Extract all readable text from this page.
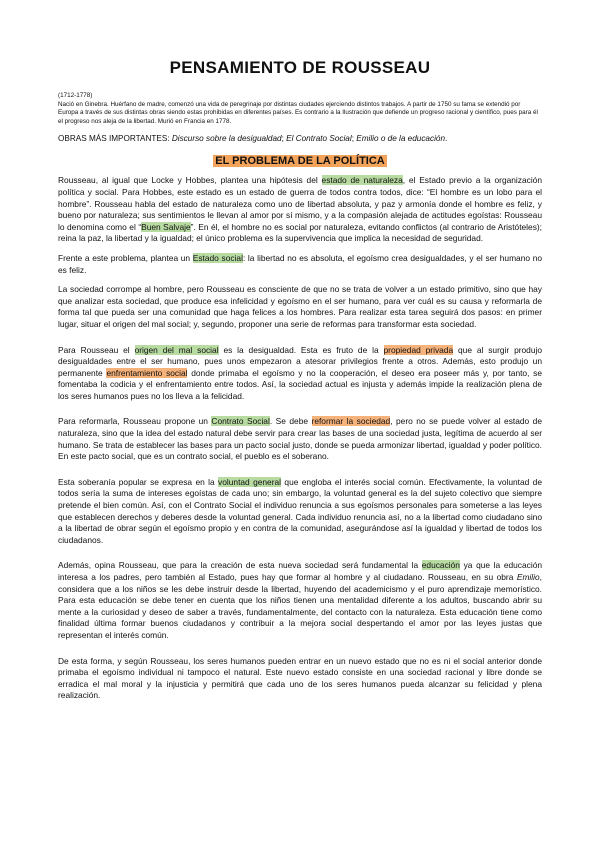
PENSAMIENTO DE ROUSSEAU

(1712-1778)

Nació en Ginebra. Huérfano de madre, comenzó una vida de peregrinaje por distintas ciudades ejerciendo distintos trabajos. A partir de 1750 su fama se extendió por Europa a través de sus distintas obras siendo estas prohibidas en diferentes países. Es contrario a la Ilustración que defiende un progreso racional y científico, pues para él el progreso nos aleja de la libertad. Murió en Francia en 1778.

OBRAS MÁS IMPORTANTES: Discurso sobre la desigualdad; El Contrato Social; Emilio o de la educación.

EL PROBLEMA DE LA POLÍTICA

Rousseau, al igual que Locke y Hobbes, plantea una hipótesis del estado de naturaleza, el Estado previo a la organización política y social. Para Hobbes, este estado es un estado de guerra de todos contra todos, dice: “El hombre es un lobo para el hombre”. Rousseau habla del estado de naturaleza como uno de libertad absoluta, y paz y armonía donde el hombre es feliz, y bueno por naturaleza; sus sentimientos le llevan al amor por sí mismo, y a la compasión alejada de actitudes egoístas: Rousseau lo denomina como el “Buen Salvaje”. En él, el hombre no es social por naturaleza, evitando conflictos (al contrario de Aristóteles); reina la paz, la libertad y la igualdad; el único problema es la supervivencia que implica la necesidad de seguridad.

Frente a este problema, plantea un Estado social: la libertad no es absoluta, el egoísmo crea desigualdades, y el ser humano no es feliz.

La sociedad corrompe al hombre, pero Rousseau es consciente de que no se trata de volver a un estado primitivo, sino que hay que analizar esta sociedad, que produce esa infelicidad y egoísmo en el ser humano, para ver cuál es su causa y reformarla de forma tal que pueda ser una comunidad que haga felices a los hombres. Para realizar esta tarea seguirá dos pasos: en primer lugar, situar el origen del mal social; y, segundo, proponer una serie de reformas para transformar esta sociedad.

Para Rousseau el origen del mal social es la desigualdad. Esta es fruto de la propiedad privada que al surgir produjo desigualdades entre el ser humano, pues unos empezaron a atesorar privilegios frente a otros. Además, esto produjo un permanente enfrentamiento social donde primaba el egoísmo y no la cooperación, el deseo era poseer más y, por tanto, se fomentaba la codicia y el enfrentamiento entre todos. Así, la sociedad actual es injusta y además impide la realización plena de los seres humanos pues no los lleva a la felicidad.

Para reformarla, Rousseau propone un Contrato Social. Se debe reformar la sociedad, pero no se puede volver al estado de naturaleza, sino que la idea del estado natural debe servir para crear las bases de una sociedad justa, legítima de acuerdo al ser humano. Se trata de establecer las bases para un pacto social justo, donde se pueda armonizar libertad, igualdad y poder político. En este pacto social, que es un contrato social, el pueblo es el soberano.

Esta soberanía popular se expresa en la voluntad general que engloba el interés social común. Efectivamente, la voluntad de todos sería la suma de intereses egoístas de cada uno; sin embargo, la voluntad general es la del sujeto colectivo que siempre pretende el bien común. Así, con el Contrato Social el individuo renuncia a sus egoísmos personales para someterse a las leyes que establecen derechos y deberes desde la voluntad general. Cada individuo renuncia así, no a la libertad como ciudadano sino a la libertad de obrar según el egoísmo propio y en contra de la comunidad, asegurándose así la igualdad y libertad de todos los ciudadanos.

Además, opina Rousseau, que para la creación de esta nueva sociedad será fundamental la educación ya que la educación interesa a los padres, pero también al Estado, pues hay que formar al hombre y al ciudadano. Rousseau, en su obra Emilio, considera que a los niños se les debe instruir desde la libertad, huyendo del academicismo y el puro aprendizaje memorístico. Para esta educación se debe tener en cuenta que los niños tienen una mentalidad diferente a los adultos, buscando abrir su mente a la curiosidad y deseo de saber a través, fundamentalmente, del contacto con la naturaleza. Esta educación tiene como finalidad última formar buenos ciudadanos y contribuir a la mejora social despertando el amor por las leyes justas que representan el interés común.

De esta forma, y según Rousseau, los seres humanos pueden entrar en un nuevo estado que no es ni el social anterior donde primaba el egoísmo individual ni tampoco el natural. Este nuevo estado consiste en una sociedad racional y libre donde se erradica el mal moral y la injusticia y permitirá que cada uno de los seres humanos pueda alcanzar su felicidad y plena realización.
